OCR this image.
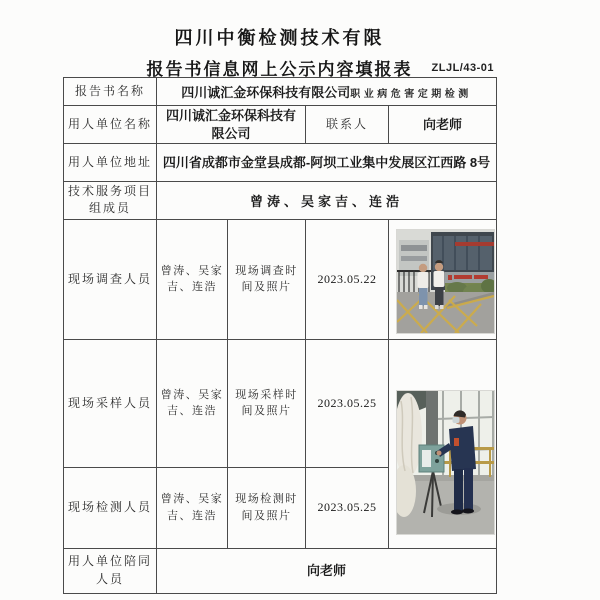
四川中衡检测技术有限
报告书信息网上公示内容填报表 ZLJL/43-01
报告书名称	四川诚汇金环保科技有限公司职业病危害定期检测			
用人单位名称	四川诚汇金环保科技有限公司		联系人	向老师
用人单位地址	四川省成都市金堂县成都-阿坝工业集中发展区江西路 8号			
技术服务项目组成员	曾涛、吴家吉、连浩			
现场调查人员	曾涛、吴家吉、连浩	现场调查时间及照片	2023.05.22	

现场采样人员	曾涛、吴家吉、连浩	现场采样时间及照片	2023.05.25	

现场检测人员	曾涛、吴家吉、连浩	现场检测时间及照片	2023.05.25	
用人单位陪同人员	向老师			
